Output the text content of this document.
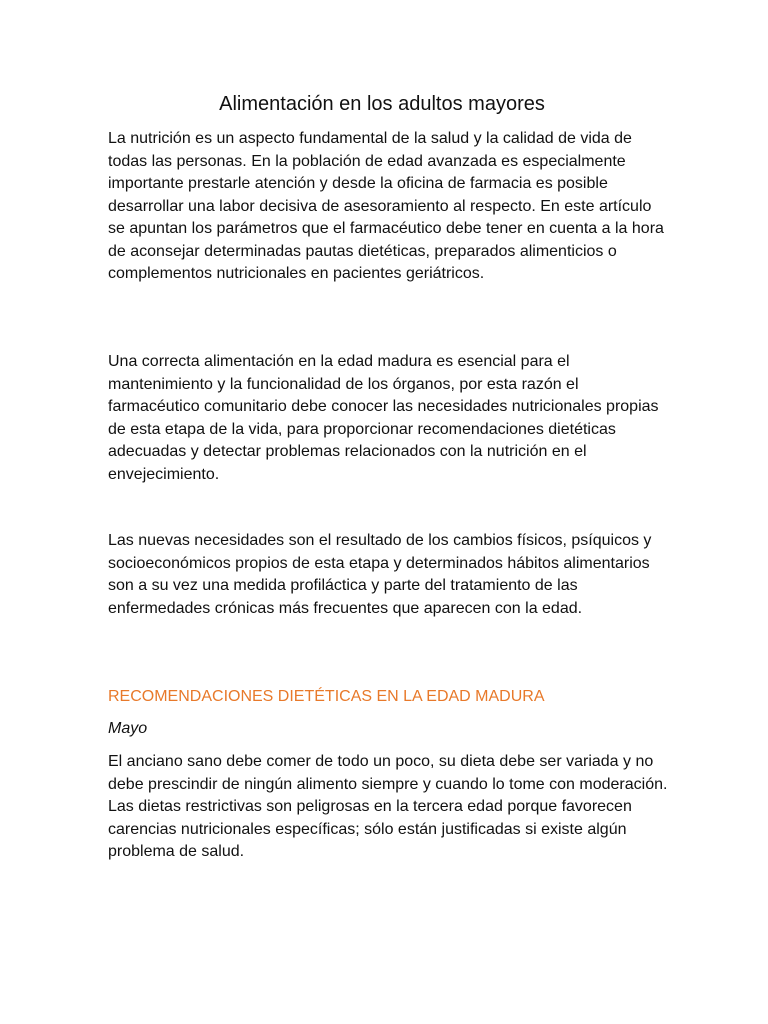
Alimentación en los adultos mayores

La nutrición es un aspecto fundamental de la salud y la calidad de vida de todas las personas. En la población de edad avanzada es especialmente importante prestarle atención y desde la oficina de farmacia es posible desarrollar una labor decisiva de asesoramiento al respecto. En este artículo se apuntan los parámetros que el farmacéutico debe tener en cuenta a la hora de aconsejar determinadas pautas dietéticas, preparados alimenticios o complementos nutricionales en pacientes geriátricos.

Una correcta alimentación en la edad madura es esencial para el mantenimiento y la funcionalidad de los órganos, por esta razón el farmacéutico comunitario debe conocer las necesidades nutricionales propias de esta etapa de la vida, para proporcionar recomendaciones dietéticas adecuadas y detectar problemas relacionados con la nutrición en el envejecimiento.

Las nuevas necesidades son el resultado de los cambios físicos, psíquicos y socioeconómicos propios de esta etapa y determinados hábitos alimentarios son a su vez una medida profiláctica y parte del tratamiento de las enfermedades crónicas más frecuentes que aparecen con la edad.

RECOMENDACIONES DIETÉTICAS EN LA EDAD MADURA

Mayo

El anciano sano debe comer de todo un poco, su dieta debe ser variada y no debe prescindir de ningún alimento siempre y cuando lo tome con moderación. Las dietas restrictivas son peligrosas en la tercera edad porque favorecen carencias nutricionales específicas; sólo están justificadas si existe algún problema de salud.
